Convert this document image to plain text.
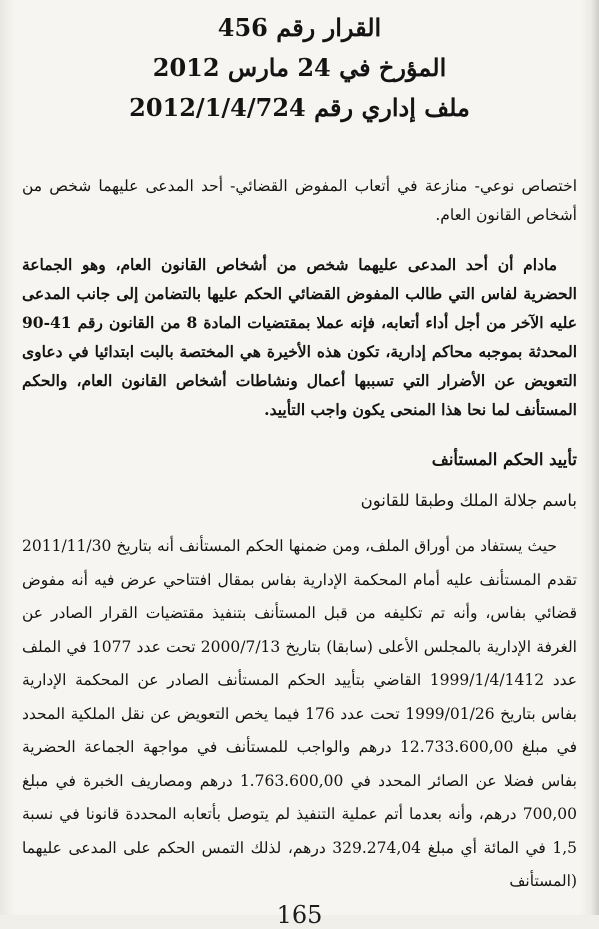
القرار رقم 456
المؤرخ في 24 مارس 2012
ملف إداري رقم 2012/1/4/724

اختصاص نوعي- منازعة في أتعاب المفوض القضائي- أحد المدعى عليهما شخص من أشخاص القانون العام.

مادام أن أحد المدعى عليهما شخص من أشخاص القانون العام، وهو الجماعة الحضرية لفاس التي طالب المفوض القضائي الحكم عليها بالتضامن إلى جانب المدعى عليه الآخر من أجل أداء أتعابه، فإنه عملا بمقتضيات المادة 8 من القانون رقم 41-90 المحدثة بموجبه محاكم إدارية، تكون هذه الأخيرة هي المختصة بالبت ابتدائيا في دعاوى التعويض عن الأضرار التي تسببها أعمال ونشاطات أشخاص القانون العام، والحكم المستأنف لما نحا هذا المنحى يكون واجب التأييد.

تأييد الحكم المستأنف

باسم جلالة الملك وطبقا للقانون

حيث يستفاد من أوراق الملف، ومن ضمنها الحكم المستأنف أنه بتاريخ 2011/11/30 تقدم المستأنف عليه أمام المحكمة الإدارية بفاس بمقال افتتاحي عرض فيه أنه مفوض قضائي بفاس، وأنه تم تكليفه من قبل المستأنف بتنفيذ مقتضيات القرار الصادر عن الغرفة الإدارية بالمجلس الأعلى (سابقا) بتاريخ 2000/7/13 تحت عدد 1077 في الملف عدد 1999/1/4/1412 القاضي بتأييد الحكم المستأنف الصادر عن المحكمة الإدارية بفاس بتاريخ 1999/01/26 تحت عدد 176 فيما يخص التعويض عن نقل الملكية المحدد في مبلغ 12.733.600,00 درهم والواجب للمستأنف في مواجهة الجماعة الحضرية بفاس فضلا عن الصائر المحدد في 1.763.600,00 درهم ومصاريف الخبرة في مبلغ 700,00 درهم، وأنه بعدما أتم عملية التنفيذ لم يتوصل بأتعابه المحددة قانونا في نسبة 1,5 في المائة أي مبلغ 329.274,04 درهم، لذلك التمس الحكم على المدعى عليهما (المستأنف

165
